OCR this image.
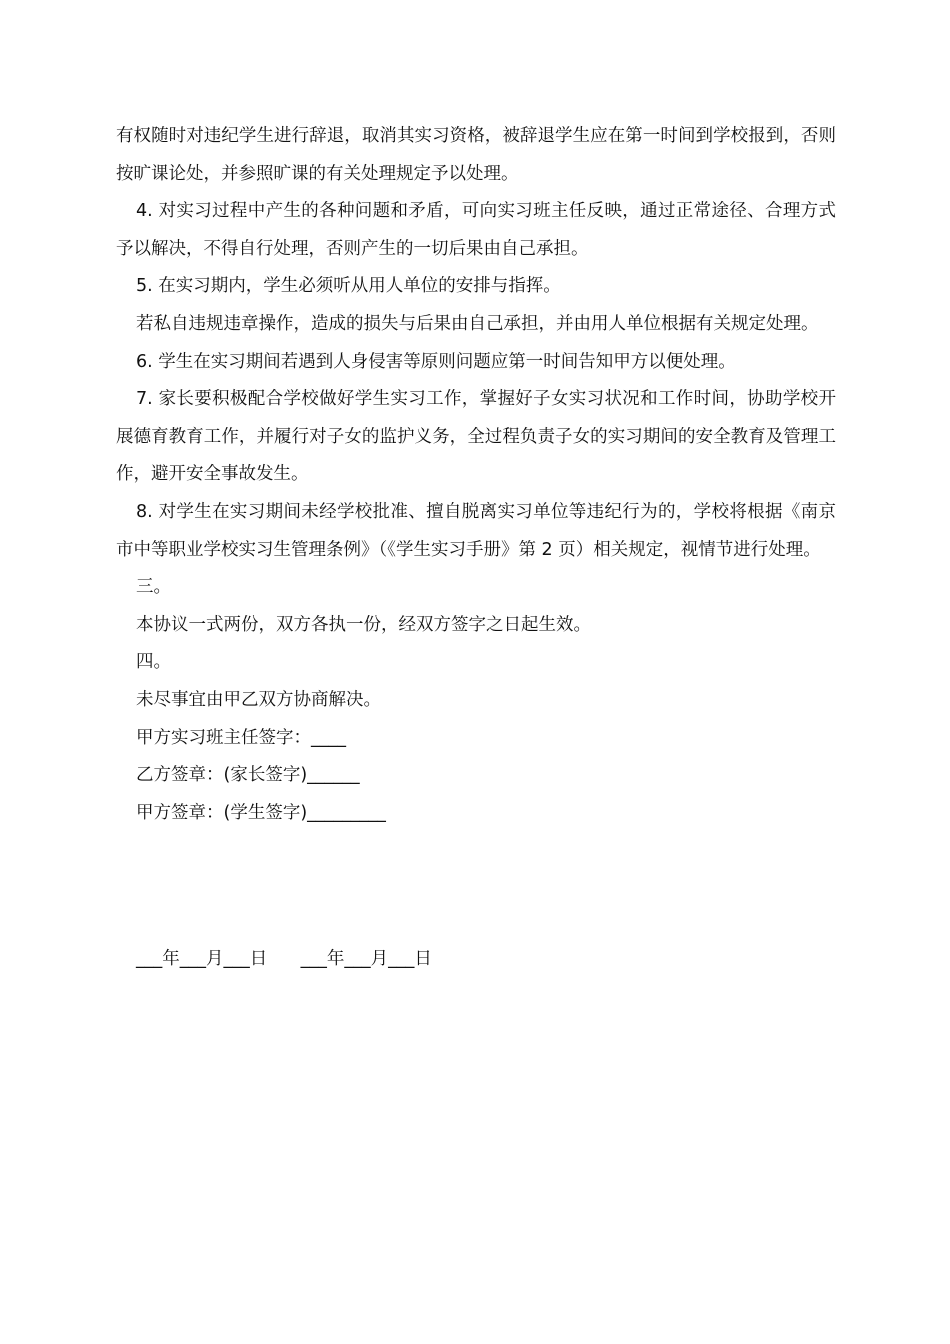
有权随时对违纪学生进行辞退，取消其实习资格，被辞退学生应在第一时间到学校报到，否则按旷课论处，并参照旷课的有关处理规定予以处理。

4. 对实习过程中产生的各种问题和矛盾，可向实习班主任反映，通过正常途径、合理方式予以解决，不得自行处理，否则产生的一切后果由自己承担。

5. 在实习期内，学生必须听从用人单位的安排与指挥。

若私自违规违章操作，造成的损失与后果由自己承担，并由用人单位根据有关规定处理。

6. 学生在实习期间若遇到人身侵害等原则问题应第一时间告知甲方以便处理。

7. 家长要积极配合学校做好学生实习工作，掌握好子女实习状况和工作时间，协助学校开展德育教育工作，并履行对子女的监护义务，全过程负责子女的实习期间的安全教育及管理工作，避开安全事故发生。

8. 对学生在实习期间未经学校批准、擅自脱离实习单位等违纪行为的，学校将根据《南京市中等职业学校实习生管理条例》（《学生实习手册》第 2 页）相关规定，视情节进行处理。

三。

本协议一式两份，双方各执一份，经双方签字之日起生效。

四。

未尽事宜由甲乙双方协商解决。

甲方实习班主任签字：____

乙方签章：(家长签字)______

甲方签章：(学生签字)_________

___年___月___日      ___年___月___日
